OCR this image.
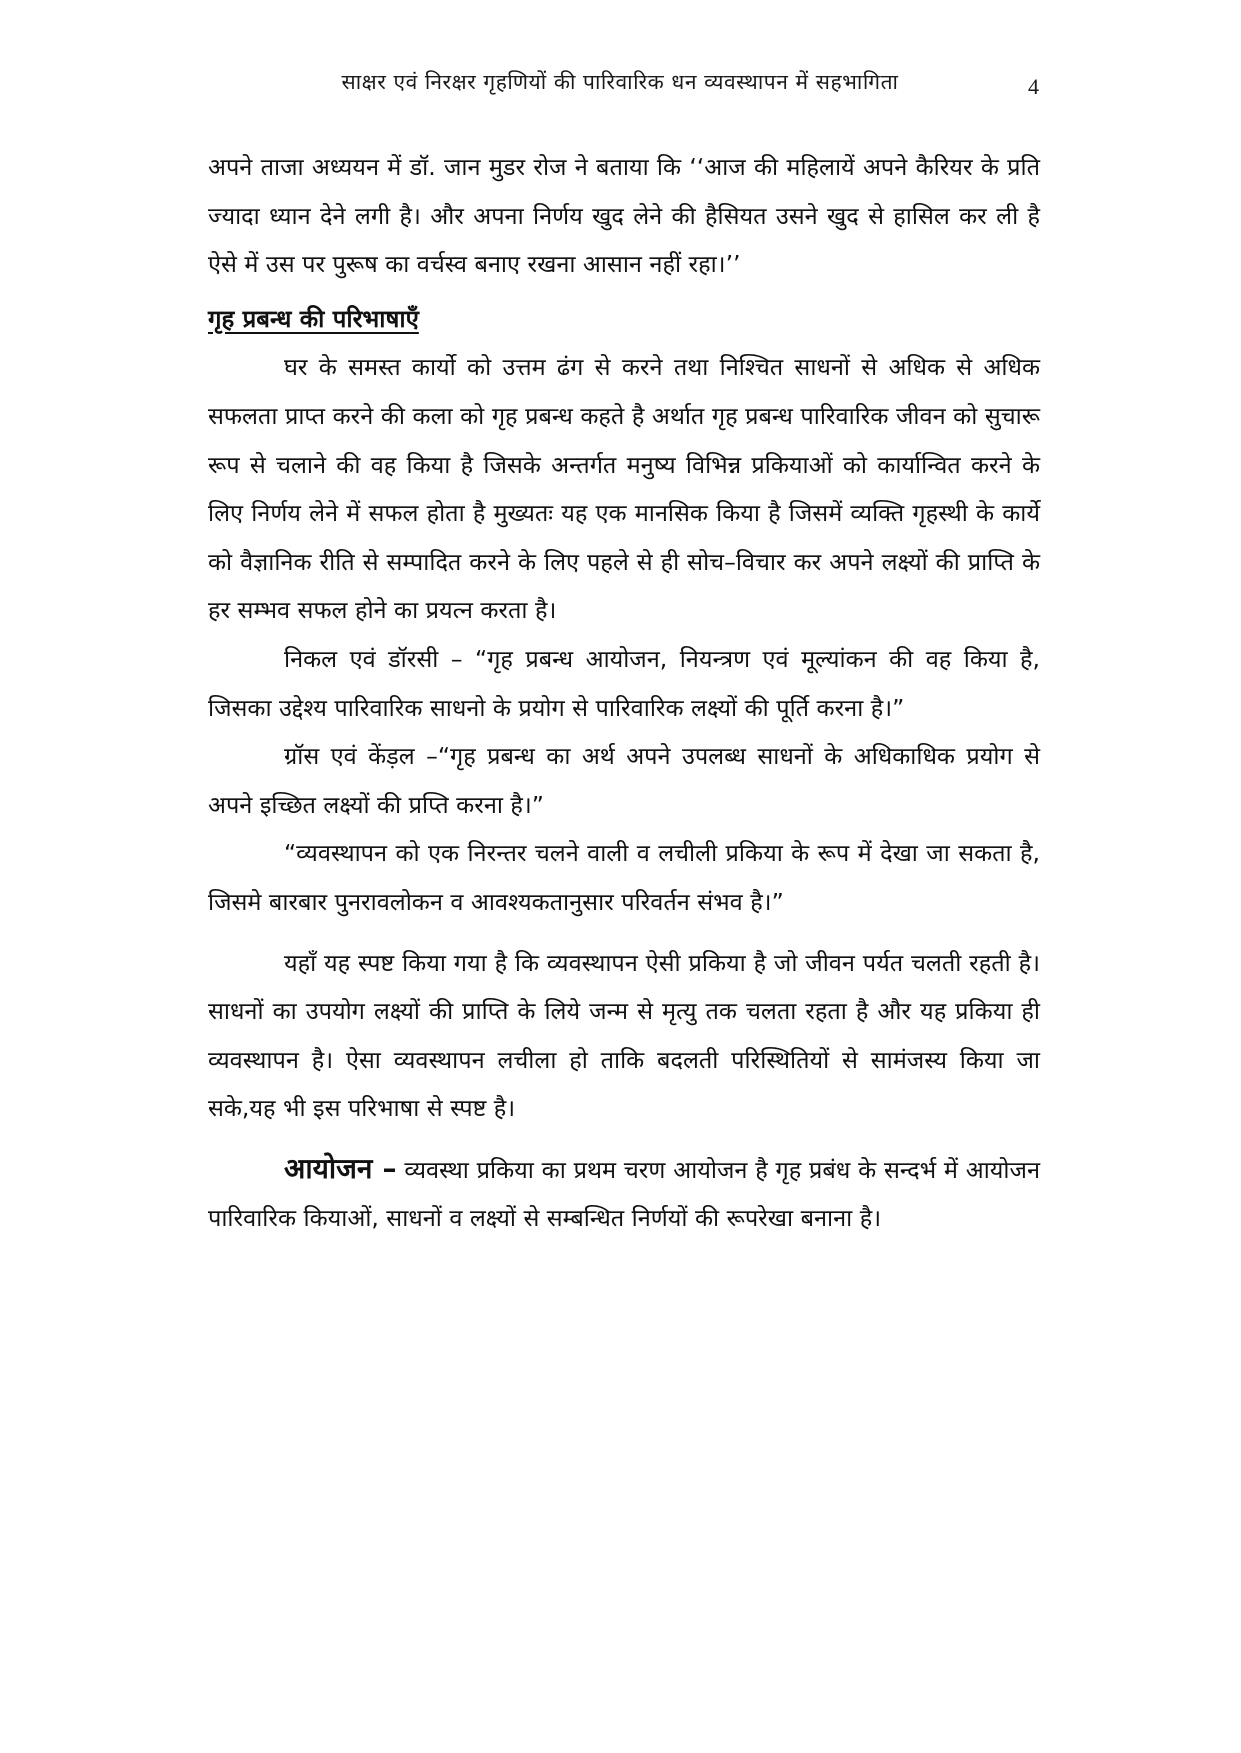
साक्षर एवं निरक्षर गृहणियों की पारिवारिक धन व्यवस्थापन में सहभागिता	4

अपने ताजा अध्ययन में डॉ. जान मुडर रोज ने बताया कि ‘‘आज की महिलायें अपने कैरियर के प्रति ज्यादा ध्यान देने लगी है। और अपना निर्णय खुद लेने की हैसियत उसने खुद से हासिल कर ली है ऐसे में उस पर पुरूष का वर्चस्व बनाए रखना आसान नहीं रहा।’’

गृह प्रबन्ध की परिभाषाएँ

घर के समस्त कार्यो को उत्तम ढंग से करने तथा निश्चित साधनों से अधिक से अधिक सफलता प्राप्त करने की कला को गृह प्रबन्ध कहते है अर्थात गृह प्रबन्ध पारिवारिक जीवन को सुचारू रूप से चलाने की वह किया है जिसके अन्तर्गत मनुष्य विभिन्न प्रकियाओं को कार्यान्वित करने के लिए निर्णय लेने में सफल होता है मुख्यतः यह एक मानसिक किया है जिसमें व्यक्ति गृहस्थी के कार्ये को वैज्ञानिक रीति से सम्पादित करने के लिए पहले से ही सोच–विचार कर अपने लक्ष्यों की प्राप्ति के हर सम्भव सफल होने का प्रयत्न करता है।

निकल एवं डॉरसी – “गृह प्रबन्ध आयोजन, नियन्त्रण एवं मूल्यांकन की वह किया है, जिसका उद्देश्य पारिवारिक साधनो के प्रयोग से पारिवारिक लक्ष्यों की पूर्ति करना है।”

ग्रॉस एवं केंड़ल –“गृह प्रबन्ध का अर्थ अपने उपलब्ध साधनों के अधिकाधिक प्रयोग से अपने इच्छित लक्ष्यों की प्रप्ति करना है।”

“व्यवस्थापन को एक निरन्तर चलने वाली व लचीली प्रकिया के रूप में देखा जा सकता है, जिसमे बारबार पुनरावलोकन व आवश्यकतानुसार परिवर्तन संभव है।”

यहाँ यह स्पष्ट किया गया है कि व्यवस्थापन ऐसी प्रकिया है जो जीवन पर्यत चलती रहती है। साधनों का उपयोग लक्ष्यों की प्राप्ति के लिये जन्म से मृत्यु तक चलता रहता है और यह प्रकिया ही व्यवस्थापन है। ऐसा व्यवस्थापन लचीला हो ताकि बदलती परिस्थितियों से सामंजस्य किया जा सके,यह भी इस परिभाषा से स्पष्ट है।

आयोजन – व्यवस्था प्रकिया का प्रथम चरण आयोजन है गृह प्रबंध के सन्दर्भ में आयोजन पारिवारिक कियाओं, साधनों व लक्ष्यों से सम्बन्धित निर्णयों की रूपरेखा बनाना है।
